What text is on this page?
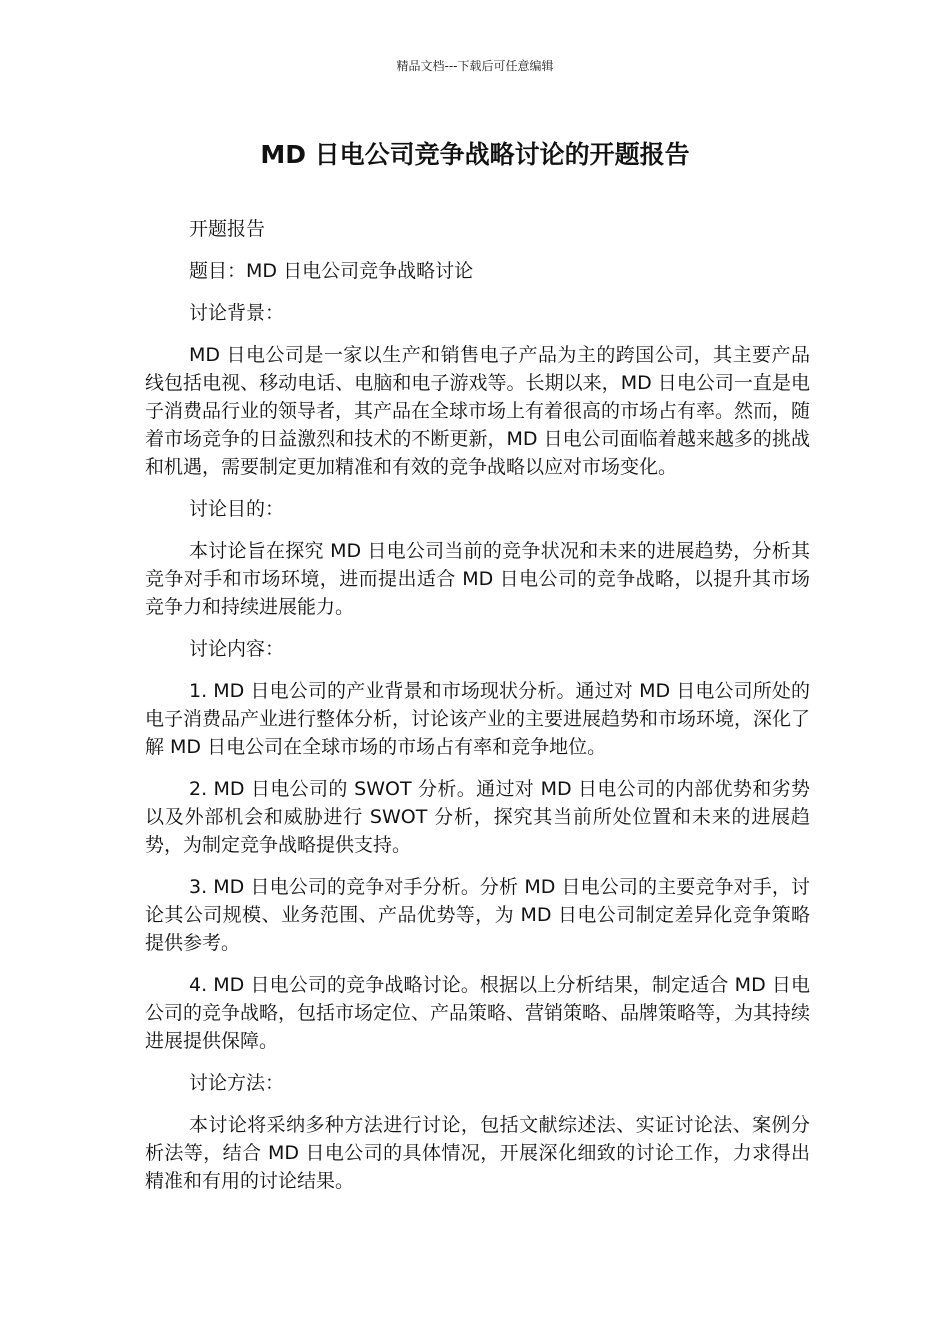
精品文档---下载后可任意编辑
MD 日电公司竞争战略讨论的开题报告

开题报告

题目：MD 日电公司竞争战略讨论

讨论背景：

MD 日电公司是一家以生产和销售电子产品为主的跨国公司，其主要产品线包括电视、移动电话、电脑和电子游戏等。长期以来，MD 日电公司一直是电子消费品行业的领导者，其产品在全球市场上有着很高的市场占有率。然而，随着市场竞争的日益激烈和技术的不断更新，MD 日电公司面临着越来越多的挑战和机遇，需要制定更加精准和有效的竞争战略以应对市场变化。

讨论目的：

本讨论旨在探究 MD 日电公司当前的竞争状况和未来的进展趋势，分析其竞争对手和市场环境，进而提出适合 MD 日电公司的竞争战略，以提升其市场竞争力和持续进展能力。

讨论内容：

1. MD 日电公司的产业背景和市场现状分析。通过对 MD 日电公司所处的电子消费品产业进行整体分析，讨论该产业的主要进展趋势和市场环境，深化了解 MD 日电公司在全球市场的市场占有率和竞争地位。

2. MD 日电公司的 SWOT 分析。通过对 MD 日电公司的内部优势和劣势以及外部机会和威胁进行 SWOT 分析，探究其当前所处位置和未来的进展趋势，为制定竞争战略提供支持。

3. MD 日电公司的竞争对手分析。分析 MD 日电公司的主要竞争对手，讨论其公司规模、业务范围、产品优势等，为 MD 日电公司制定差异化竞争策略提供参考。

4. MD 日电公司的竞争战略讨论。根据以上分析结果，制定适合 MD 日电公司的竞争战略，包括市场定位、产品策略、营销策略、品牌策略等，为其持续进展提供保障。

讨论方法：

本讨论将采纳多种方法进行讨论，包括文献综述法、实证讨论法、案例分析法等，结合 MD 日电公司的具体情况，开展深化细致的讨论工作，力求得出精准和有用的讨论结果。
